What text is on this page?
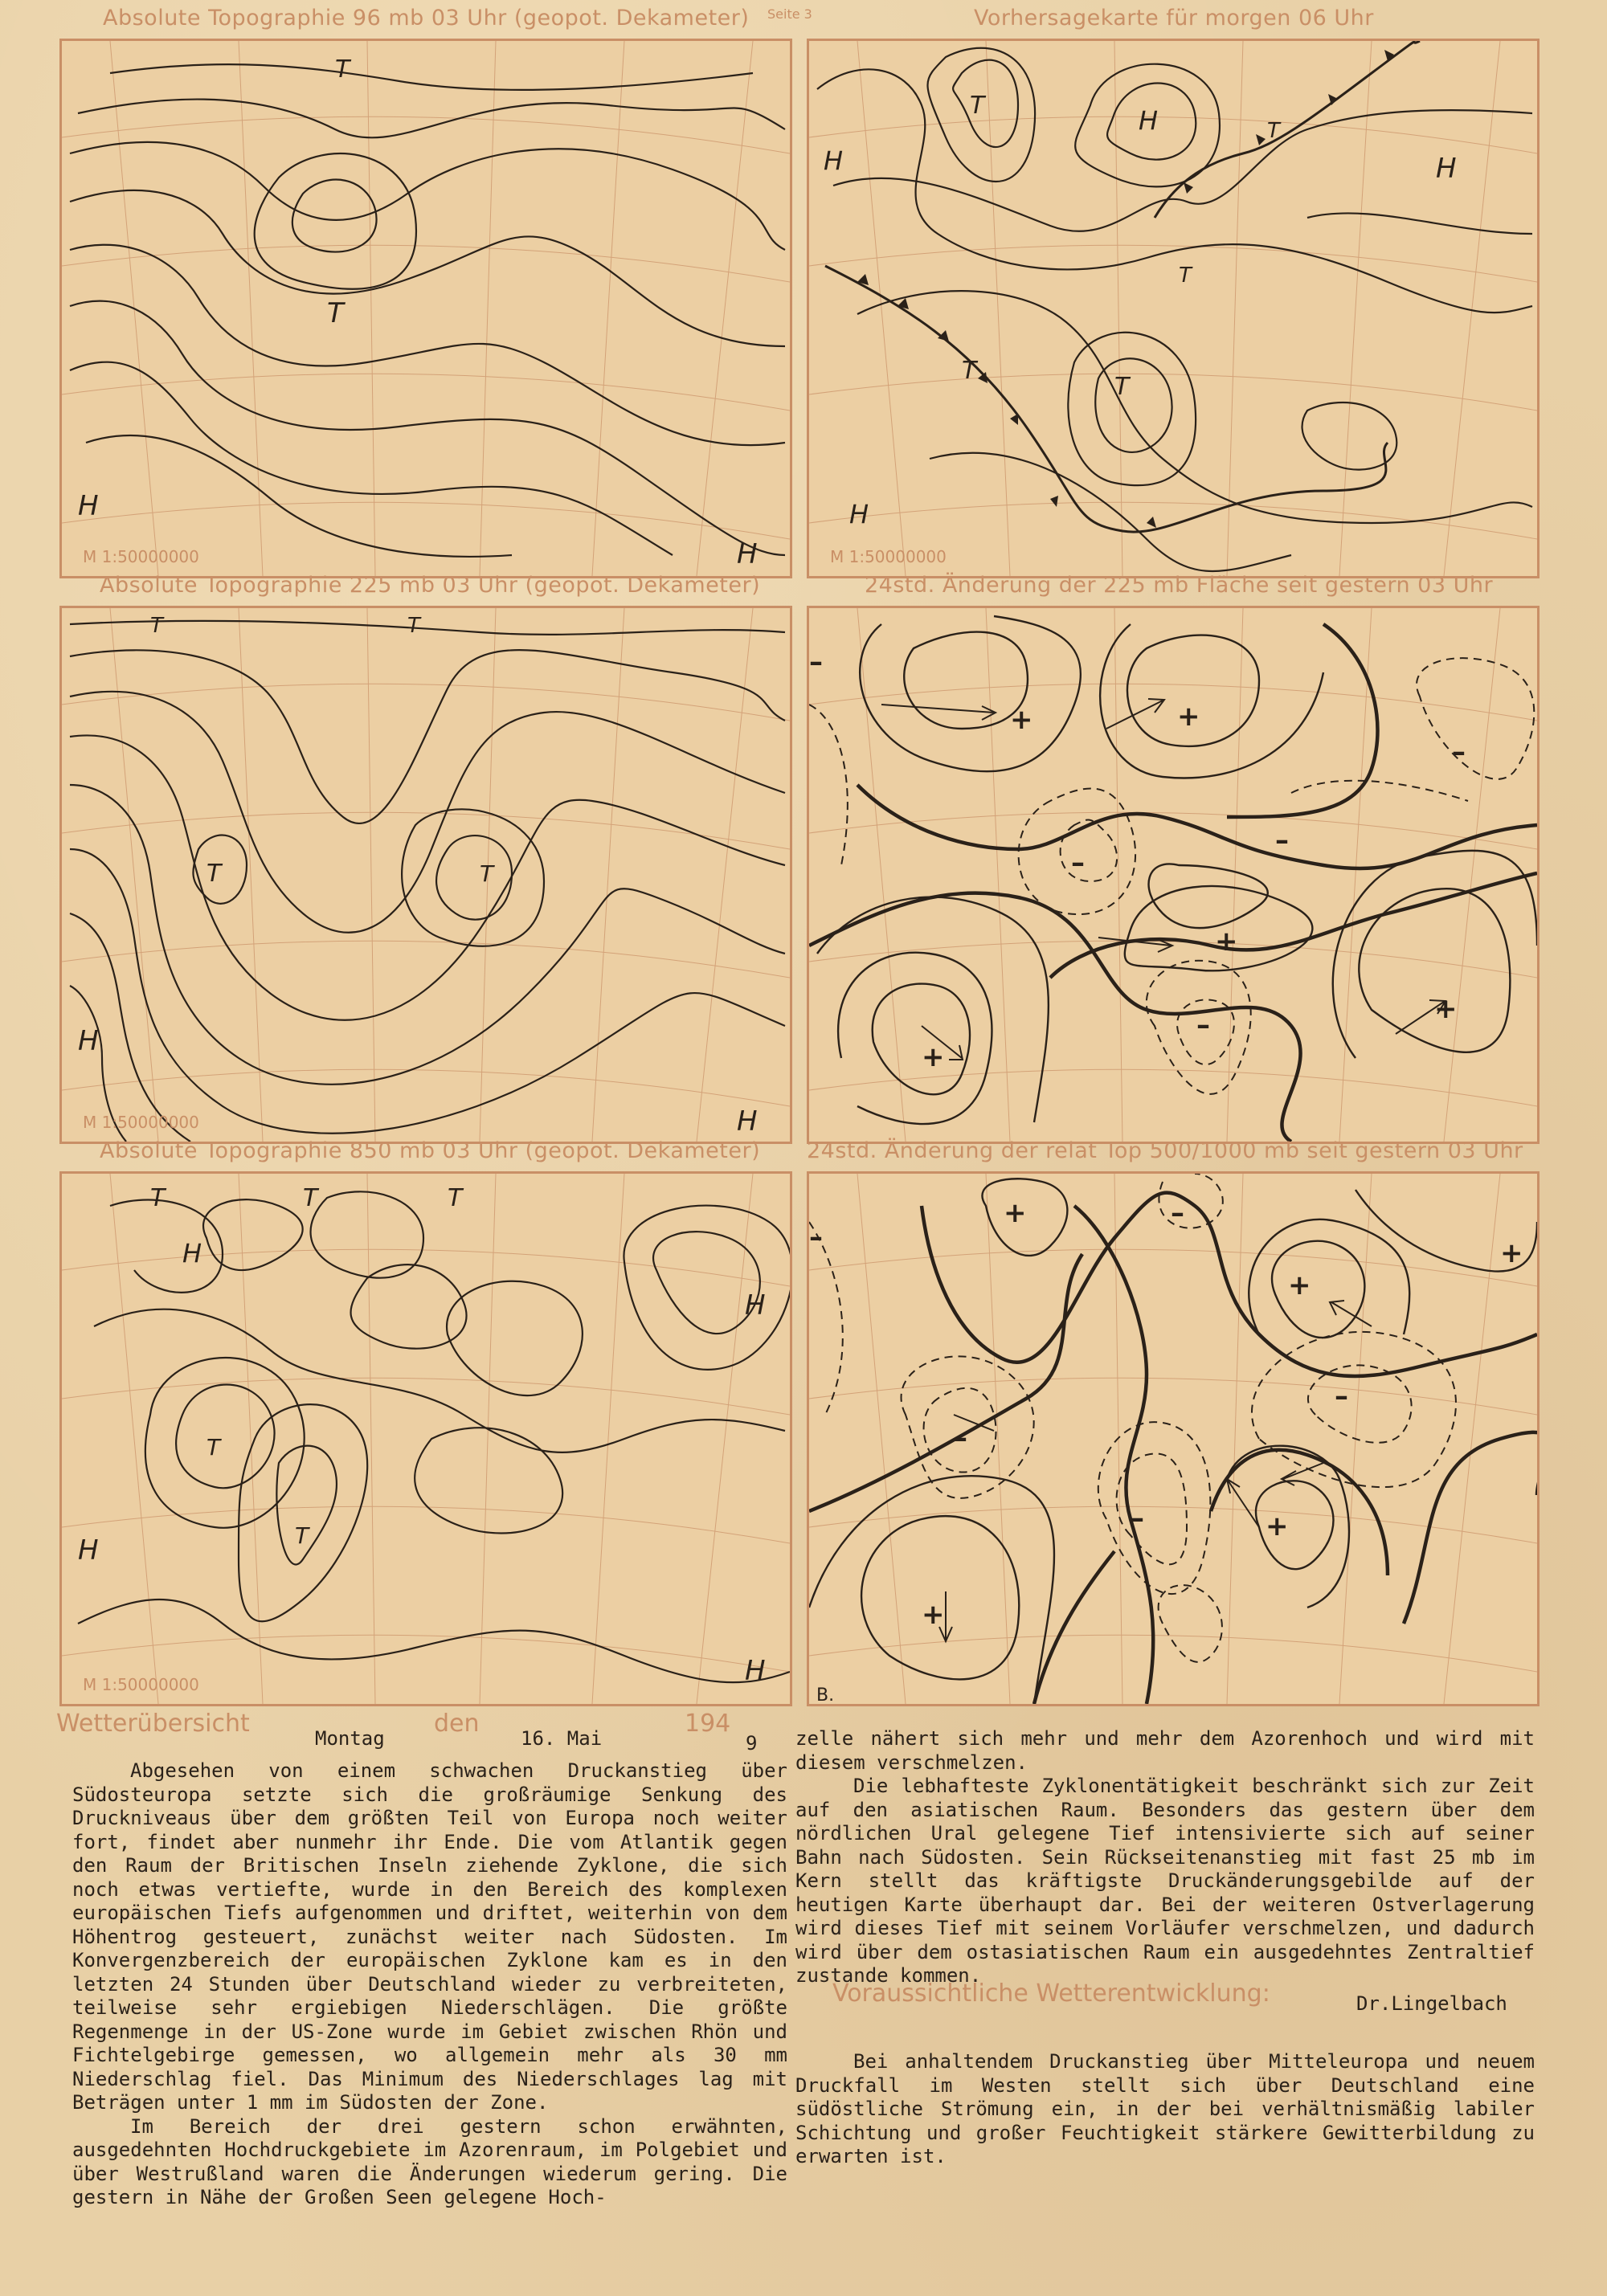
Seite 3
Absolute Topographie 96 mb 03 Uhr (geopot. Dekameter)
T
T
H
H
M 1:50000000
Vorhersagekarte für morgen 06 Uhr
T	H
H
T
T
T
T
H
H
M 1:50000000
Absolute Topographie 225 mb 03 Uhr (geopot. Dekameter)
T	T
T	T
H
H
M 1:50000000
24std. Änderung der 225 mb Fläche seit gestern 03 Uhr
+	+
+
+
+
–
–
–
–
–
Absolute Topographie 850 mb 03 Uhr (geopot. Dekameter)
T	T	T
H
H
T
T
H
H
M 1:50000000
24std. Änderung der relat Top 500/1000 mb seit gestern 03 Uhr
+
+
+
+
+
–
–
–
–
–
Wetterübersicht
Montag
den
16. Mai
194
9

Abgesehen von einem schwachen Druckanstieg über Südosteuropa setzte sich die großräumige Senkung des Druckniveaus über dem größten Teil von Europa noch weiter fort, findet aber nunmehr ihr Ende. Die vom Atlantik gegen den Raum der Britischen Inseln ziehende Zyklone, die sich noch etwas vertiefte, wurde in den Bereich des komplexen europäischen Tiefs aufgenommen und driftet, weiterhin von dem Höhentrog gesteuert, zunächst weiter nach Südosten. Im Konvergenzbereich der europäischen Zyklone kam es in den letzten 24 Stunden über Deutschland wieder zu verbreiteten, teilweise sehr ergiebigen Niederschlägen. Die größte Regenmenge in der US-Zone wurde im Gebiet zwischen Rhön und Fichtelgebirge gemessen, wo allgemein mehr als 30 mm Niederschlag fiel. Das Minimum des Niederschlages lag mit Beträgen unter 1 mm im Südosten der Zone.

Im Bereich der drei gestern schon erwähnten, ausgedehnten Hochdruckgebiete im Azorenraum, im Polgebiet und über Westrußland waren die Änderungen wiederum gering. Die gestern in Nähe der Großen Seen gelegene Hoch-

zelle nähert sich mehr und mehr dem Azorenhoch und wird mit diesem verschmelzen.

Die lebhafteste Zyklonentätigkeit beschränkt sich zur Zeit auf den asiatischen Raum. Besonders das gestern über dem nördlichen Ural gelegene Tief intensivierte sich auf seiner Bahn nach Südosten. Sein Rückseitenanstieg mit fast 25 mb im Kern stellt das kräftigste Druckänderungsgebilde auf der heutigen Karte überhaupt dar. Bei der weiteren Ostverlagerung wird dieses Tief mit seinem Vorläufer verschmelzen, und dadurch wird über dem ostasiatischen Raum ein ausgedehntes Zentraltief zustande kommen.

Dr.Lingelbach
Voraussichtliche Wetterentwicklung:

Bei anhaltendem Druckanstieg über Mitteleuropa und neuem Druckfall im Westen stellt sich über Deutschland eine südöstliche Strömung ein, in der bei verhältnismäßig labiler Schichtung und großer Feuchtigkeit stärkere Gewitterbildung zu erwarten ist.

B.
